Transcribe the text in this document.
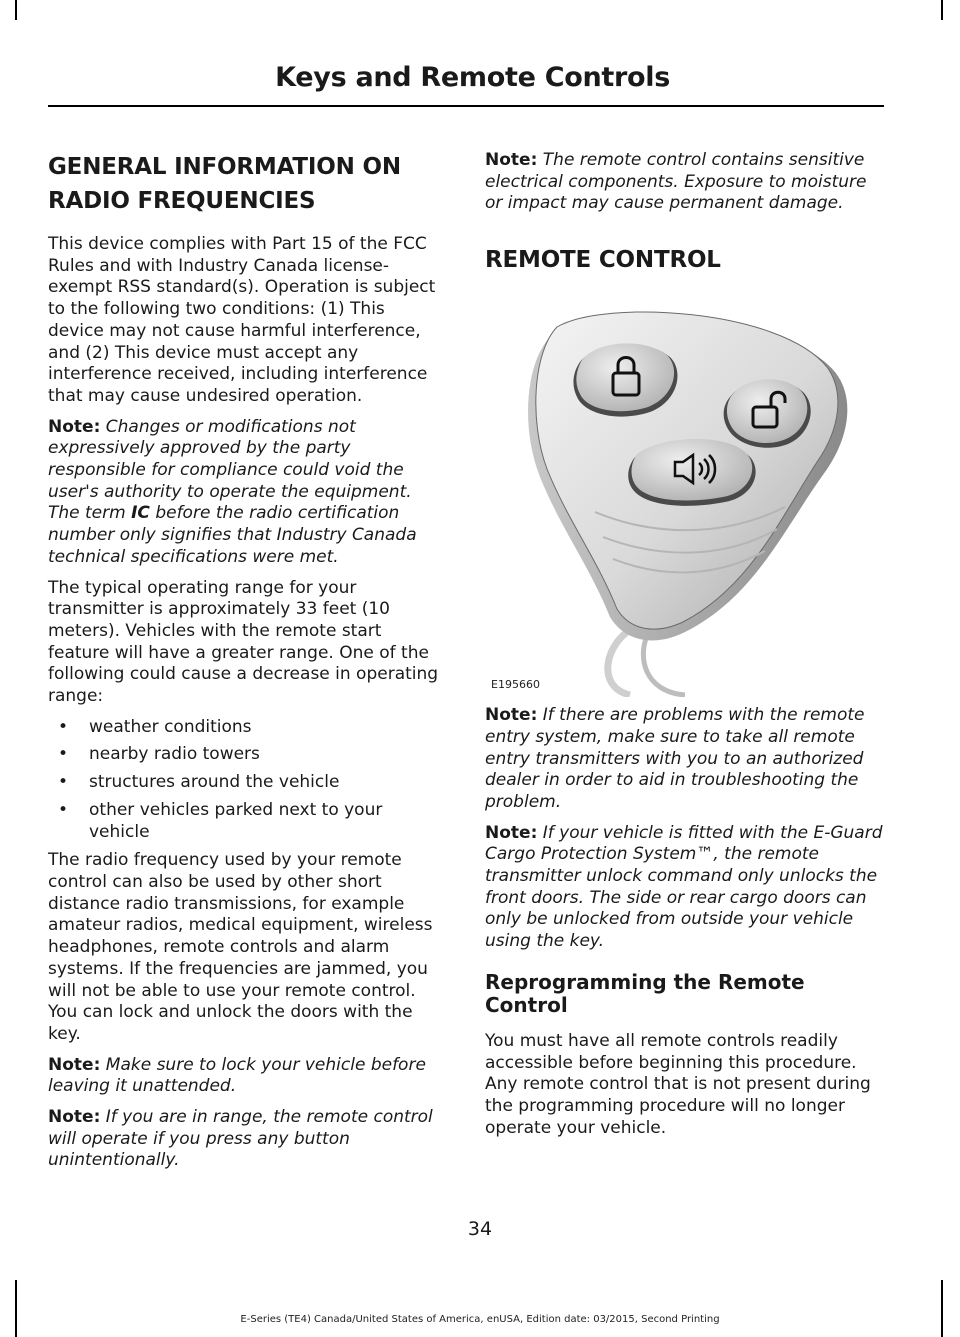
Keys and Remote Controls
GENERAL INFORMATION ON RADIO FREQUENCIES

This device complies with Part 15 of the FCC Rules and with Industry Canada license-exempt RSS standard(s). Operation is subject to the following two conditions: (1) This device may not cause harmful interference, and (2) This device must accept any interference received, including interference that may cause undesired operation.

Note: Changes or modifications not expressively approved by the party responsible for compliance could void the user's authority to operate the equipment. The term IC before the radio certification number only signifies that Industry Canada technical specifications were met.

The typical operating range for your transmitter is approximately 33 feet (10 meters). Vehicles with the remote start feature will have a greater range. One of the following could cause a decrease in operating range:

• weather conditions
• nearby radio towers
• structures around the vehicle
• other vehicles parked next to your vehicle

The radio frequency used by your remote control can also be used by other short distance radio transmissions, for example amateur radios, medical equipment, wireless headphones, remote controls and alarm systems. If the frequencies are jammed, you will not be able to use your remote control. You can lock and unlock the doors with the key.

Note: Make sure to lock your vehicle before leaving it unattended.

Note: If you are in range, the remote control will operate if you press any button unintentionally.

Note: The remote control contains sensitive electrical components. Exposure to moisture or impact may cause permanent damage.

REMOTE CONTROL
E195660

Note: If there are problems with the remote entry system, make sure to take all remote entry transmitters with you to an authorized dealer in order to aid in troubleshooting the problem.

Note: If your vehicle is fitted with the E-Guard Cargo Protection System™, the remote transmitter unlock command only unlocks the front doors. The side or rear cargo doors can only be unlocked from outside your vehicle using the key.

Reprogramming the Remote Control

You must have all remote controls readily accessible before beginning this procedure. Any remote control that is not present during the programming procedure will no longer operate your vehicle.

34
E-Series (TE4) Canada/United States of America, enUSA, Edition date: 03/2015, Second Printing
